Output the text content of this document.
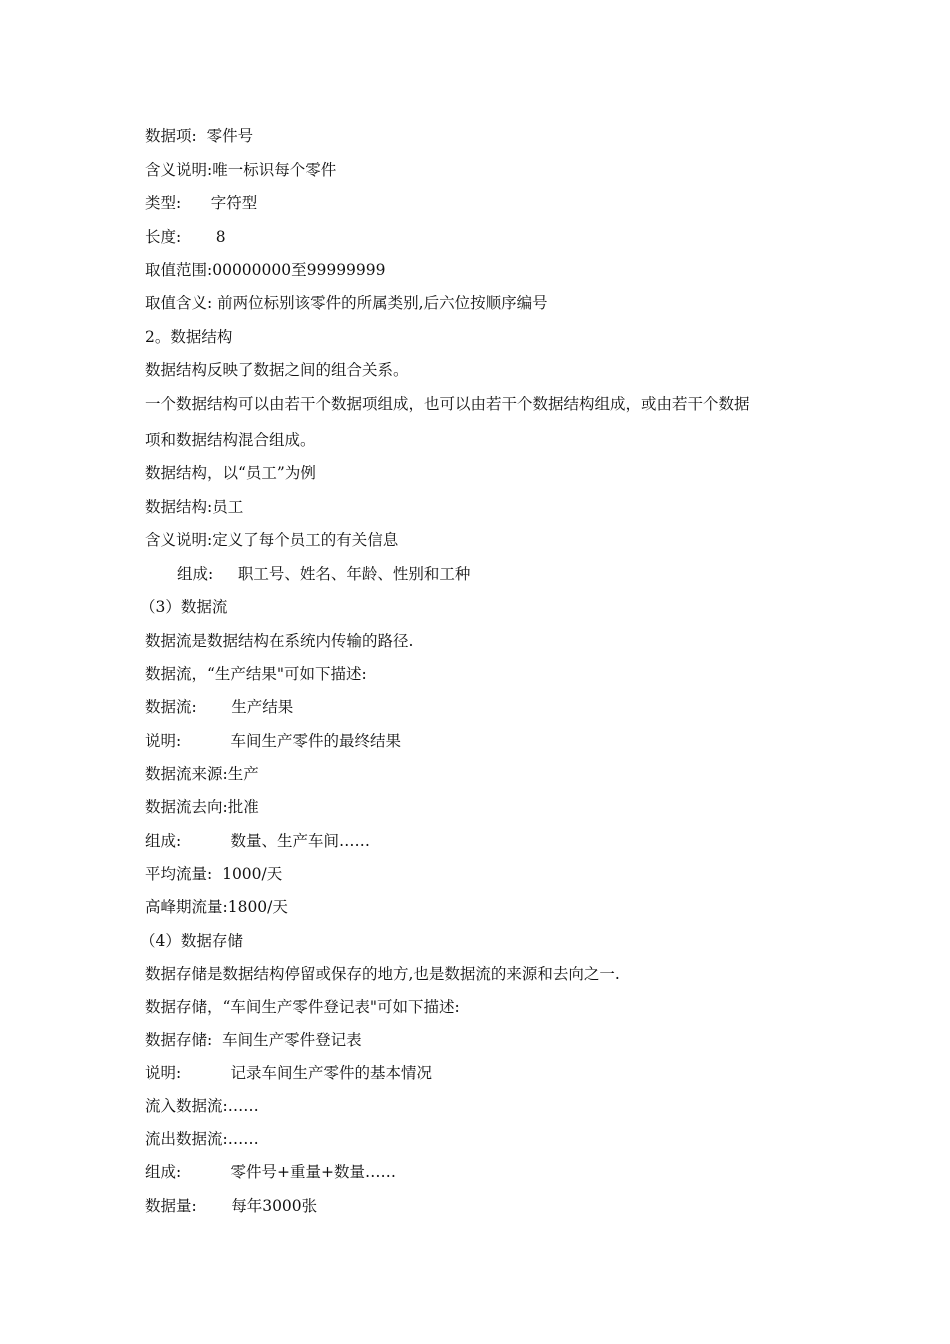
数据项:  零件号
含义说明:唯一标识每个零件
类型:      字符型
长度:       8
取值范围:00000000至99999999
取值含义: 前两位标别该零件的所属类别,后六位按顺序编号
2。数据结构
数据结构反映了数据之间的组合关系。
一个数据结构可以由若干个数据项组成，也可以由若干个数据结构组成，或由若干个数据
项和数据结构混合组成。
数据结构，以“员工”为例
数据结构:员工
含义说明:定义了每个员工的有关信息
组成:     职工号、姓名、年龄、性别和工种
（3）数据流
数据流是数据结构在系统内传输的路径.
数据流，“生产结果"可如下描述:
数据流:       生产结果
说明:          车间生产零件的最终结果
数据流来源:生产
数据流去向:批准
组成:          数量、生产车间……
平均流量:  1000/天
高峰期流量:1800/天
（4）数据存储
数据存储是数据结构停留或保存的地方,也是数据流的来源和去向之一.
数据存储，“车间生产零件登记表"可如下描述:
数据存储:  车间生产零件登记表
说明:          记录车间生产零件的基本情况
流入数据流:……
流出数据流:……
组成:          零件号+重量+数量……
数据量:       每年3000张
